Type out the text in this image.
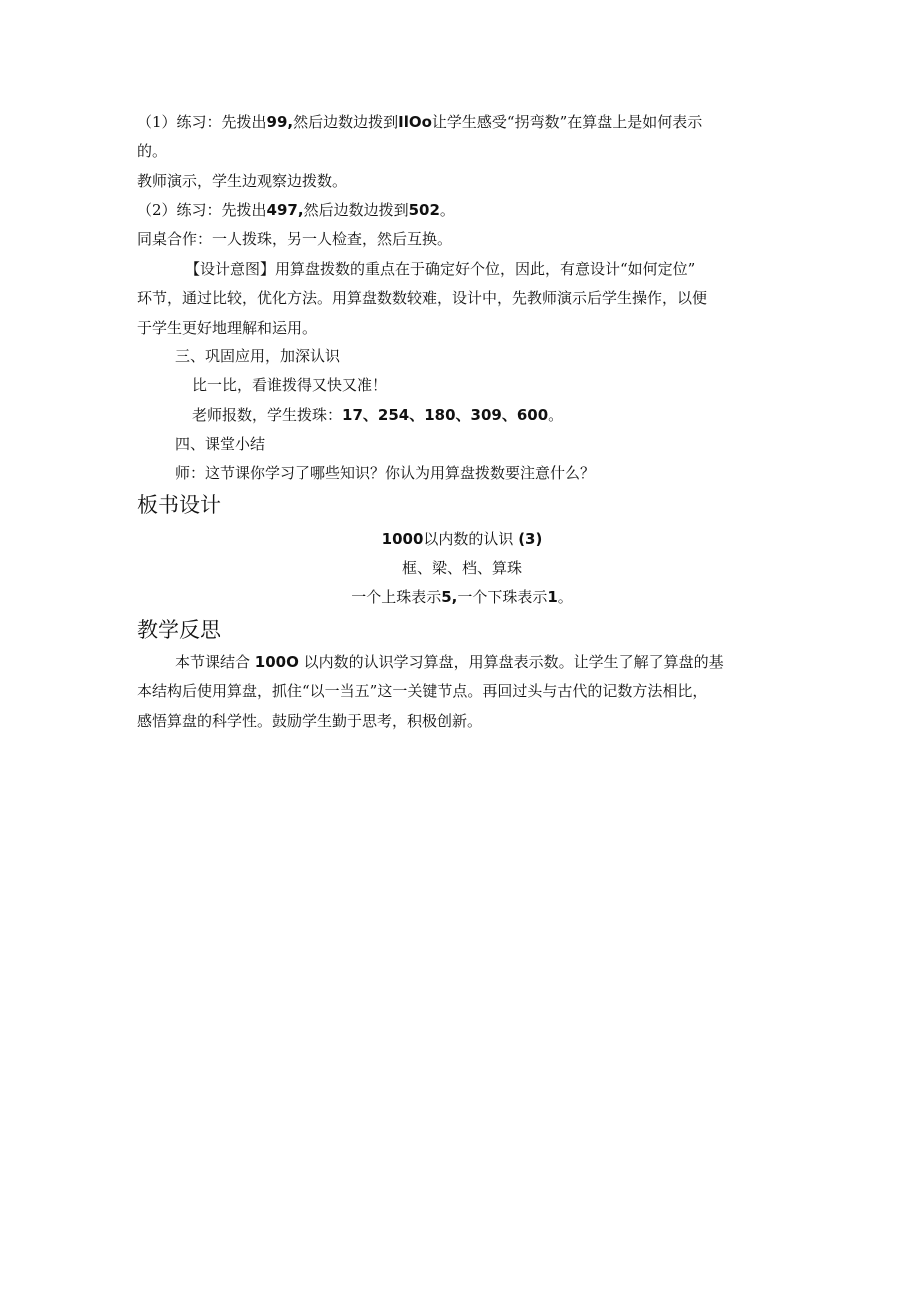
（1）练习：先拨出99,然后边数边拨到IlOo让学生感受“拐弯数”在算盘上是如何表示
的。
教师演示，学生边观察边拨数。
（2）练习：先拨出497,然后边数边拨到502。
同桌合作：一人拨珠，另一人检查，然后互换。
【设计意图】用算盘拨数的重点在于确定好个位，因此，有意设计“如何定位”
环节，通过比较，优化方法。用算盘数数较难，设计中，先教师演示后学生操作，以便
于学生更好地理解和运用。
三、巩固应用，加深认识
比一比，看谁拨得又快又准！
老师报数，学生拨珠：17、254、180、309、600。
四、课堂小结
师：这节课你学习了哪些知识？你认为用算盘拨数要注意什么？
板书设计
1000以内数的认识 (3)
框、梁、档、算珠
一个上珠表示5,一个下珠表示1。
教学反思
本节课结合 100O 以内数的认识学习算盘，用算盘表示数。让学生了解了算盘的基
本结构后使用算盘，抓住“以一当五”这一关键节点。再回过头与古代的记数方法相比，
感悟算盘的科学性。鼓励学生勤于思考，积极创新。
